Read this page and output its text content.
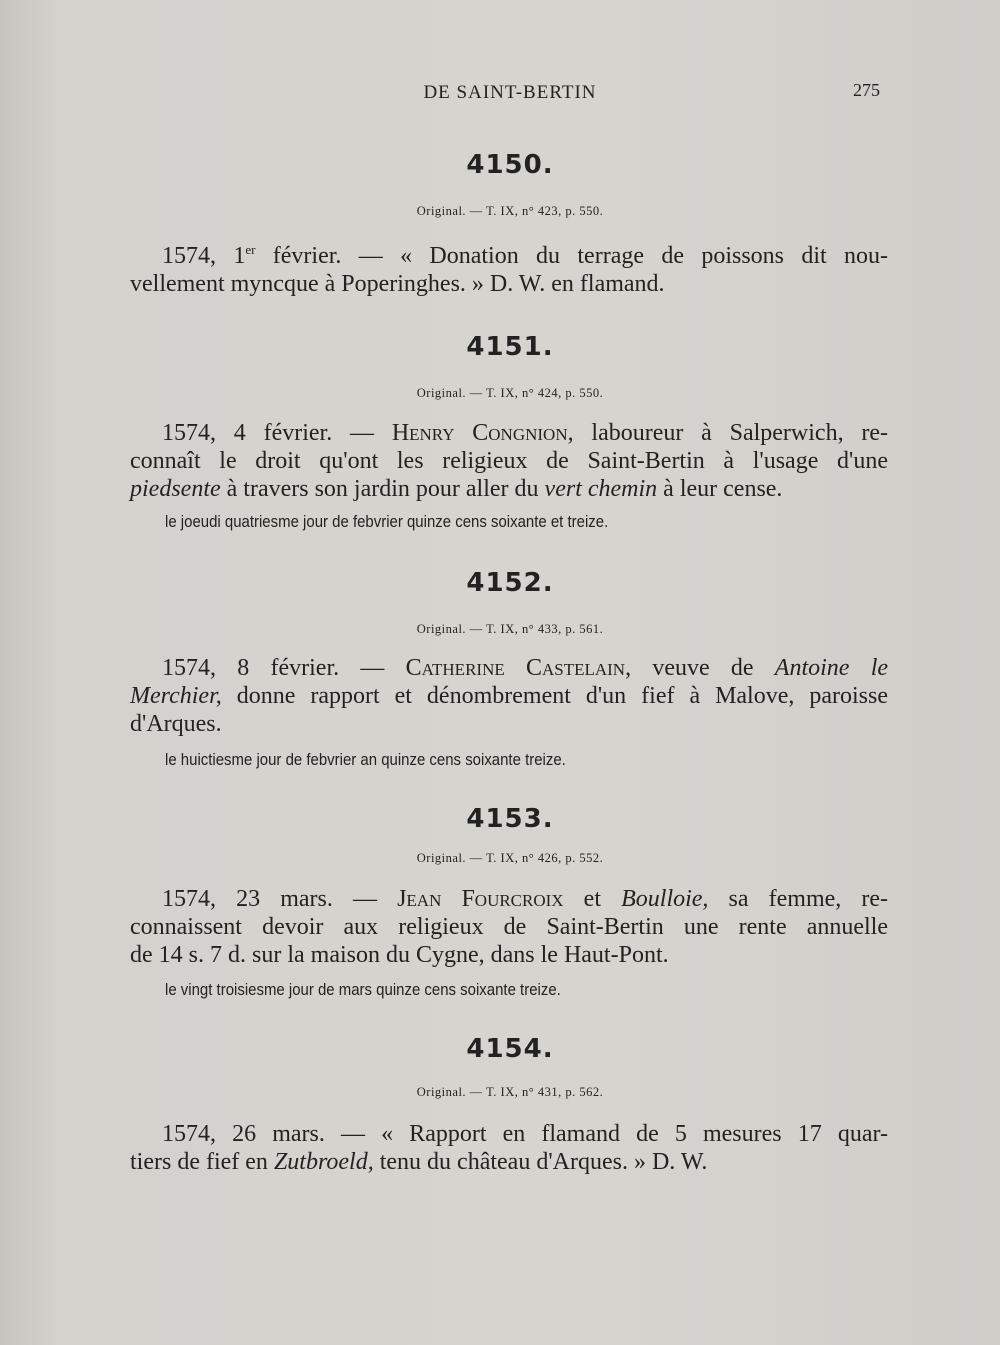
DE SAINT-BERTIN	275
4150.
Original. — T. IX, n° 423, p. 550.
1574, 1er février. — « Donation du terrage de poissons dit nou-
vellement myncque à Poperinghes. » D. W. en flamand.
4151.
Original. — T. IX, n° 424, p. 550.
1574, 4 février. — Henry Congnion, laboureur à Salperwich, re-
connaît le droit qu'ont les religieux de Saint-Bertin à l'usage d'une
piedsente à travers son jardin pour aller du vert chemin à leur cense.
le joeudi quatriesme jour de febvrier quinze cens soixante et treize.
4152.
Original. — T. IX, n° 433, p. 561.
1574, 8 février. — Catherine Castelain, veuve de Antoine le
Merchier, donne rapport et dénombrement d'un fief à Malove, paroisse
d'Arques.
le huictiesme jour de febvrier an quinze cens soixante treize.
4153.
Original. — T. IX, n° 426, p. 552.
1574, 23 mars. — Jean Fourcroix et Boulloie, sa femme, re-
connaissent devoir aux religieux de Saint-Bertin une rente annuelle
de 14 s. 7 d. sur la maison du Cygne, dans le Haut-Pont.
le vingt troisiesme jour de mars quinze cens soixante treize.
4154.
Original. — T. IX, n° 431, p. 562.
1574, 26 mars. — « Rapport en flamand de 5 mesures 17 quar-
tiers de fief en Zutbroeld, tenu du château d'Arques. » D. W.
